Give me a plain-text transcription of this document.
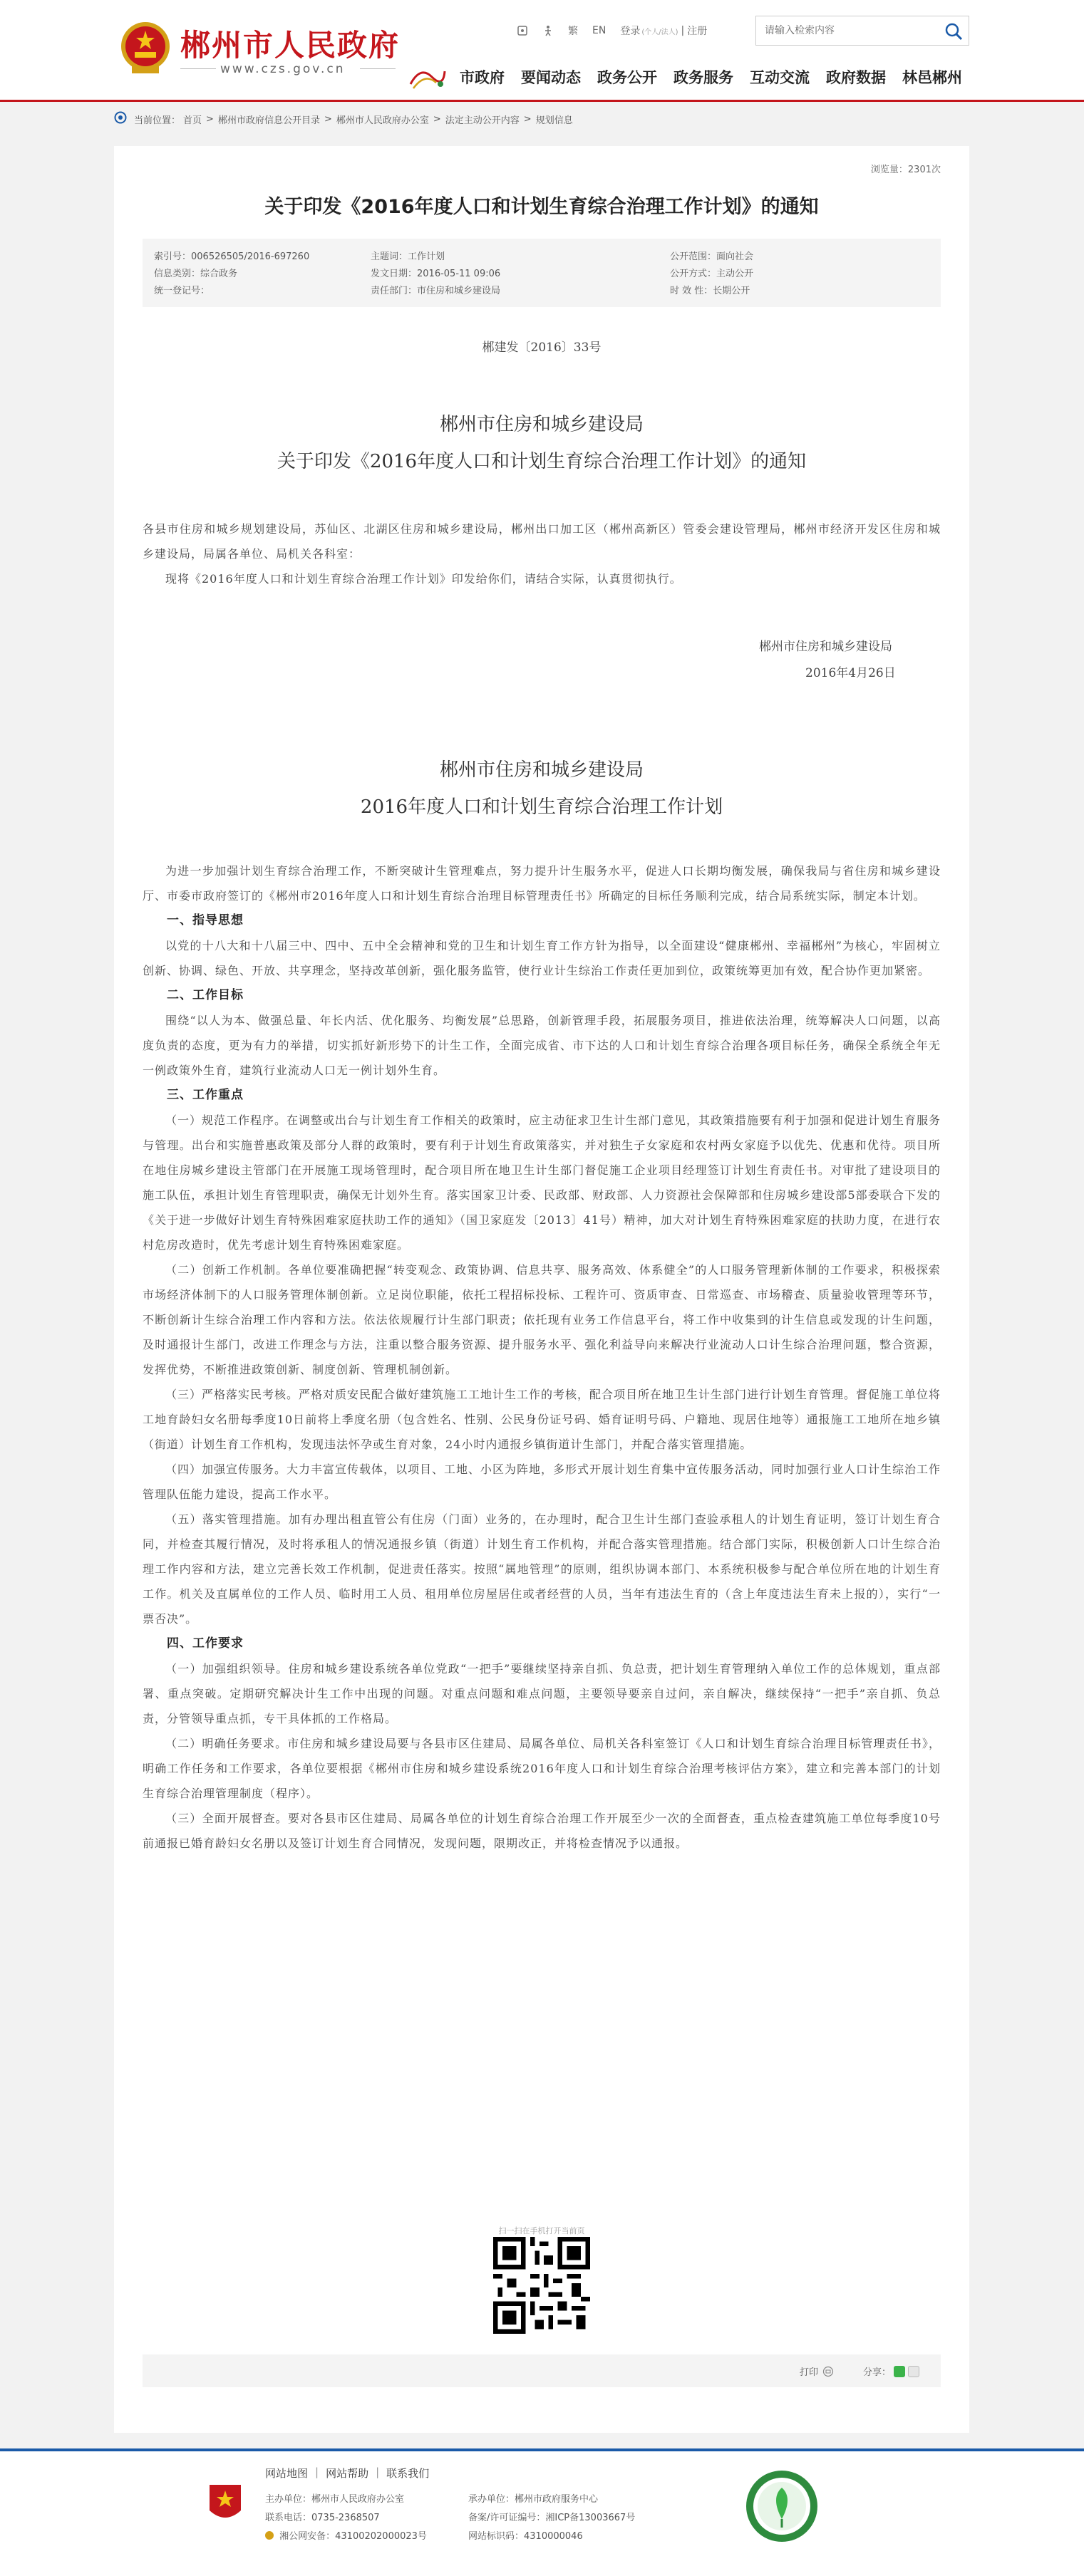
郴州市人民政府
www.czs.gov.cn
繁 EN 登录 (个人/法人) | 注册
请输入检索内容
市政府 要闻动态 政务公开 政务服务 互动交流 政府数据 林邑郴州
当前位置： 首页 > 郴州市政府信息公开目录 > 郴州市人民政府办公室 > 法定主动公开内容 > 规划信息
浏览量：2301次
关于印发《2016年度人口和计划生育综合治理工作计划》的通知
索引号：006526505/2016-697260	主题词：工作计划	公开范围：面向社会
信息类别：综合政务	发文日期：2016-05-11 09:06	公开方式：主动公开
统一登记号：	责任部门：市住房和城乡建设局	时 效 性：长期公开
郴建发〔2016〕33号
郴州市住房和城乡建设局
关于印发《2016年度人口和计划生育综合治理工作计划》的通知
各县市住房和城乡规划建设局，苏仙区、北湖区住房和城乡建设局，郴州出口加工区（郴州高新区）管委会建设管理局，郴州市经济开发区住房和城乡建设局，局属各单位、局机关各科室：
现将《2016年度人口和计划生育综合治理工作计划》印发给你们，请结合实际，认真贯彻执行。
郴州市住房和城乡建设局
2016年4月26日
郴州市住房和城乡建设局
2016年度人口和计划生育综合治理工作计划

为进一步加强计划生育综合治理工作，不断突破计生管理难点，努力提升计生服务水平，促进人口长期均衡发展，确保我局与省住房和城乡建设厅、市委市政府签订的《郴州市2016年度人口和计划生育综合治理目标管理责任书》所确定的目标任务顺利完成，结合局系统实际，制定本计划。

一、指导思想

以党的十八大和十八届三中、四中、五中全会精神和党的卫生和计划生育工作方针为指导，以全面建设“健康郴州、幸福郴州”为核心，牢固树立创新、协调、绿色、开放、共享理念，坚持改革创新，强化服务监管，使行业计生综治工作责任更加到位，政策统筹更加有效，配合协作更加紧密。

二、工作目标

围绕“以人为本、做强总量、年长内活、优化服务、均衡发展”总思路，创新管理手段，拓展服务项目，推进依法治理，统筹解决人口问题，以高度负责的态度，更为有力的举措，切实抓好新形势下的计生工作，全面完成省、市下达的人口和计划生育综合治理各项目标任务，确保全系统全年无一例政策外生育，建筑行业流动人口无一例计划外生育。

三、工作重点

（一）规范工作程序。在调整或出台与计划生育工作相关的政策时，应主动征求卫生计生部门意见，其政策措施要有利于加强和促进计划生育服务与管理。出台和实施普惠政策及部分人群的政策时，要有利于计划生育政策落实，并对独生子女家庭和农村两女家庭予以优先、优惠和优待。项目所在地住房城乡建设主管部门在开展施工现场管理时，配合项目所在地卫生计生部门督促施工企业项目经理签订计划生育责任书。对审批了建设项目的施工队伍，承担计划生育管理职责，确保无计划外生育。落实国家卫计委、民政部、财政部、人力资源社会保障部和住房城乡建设部5部委联合下发的《关于进一步做好计划生育特殊困难家庭扶助工作的通知》（国卫家庭发〔2013〕41号）精神，加大对计划生育特殊困难家庭的扶助力度，在进行农村危房改造时，优先考虑计划生育特殊困难家庭。

（二）创新工作机制。各单位要准确把握“转变观念、政策协调、信息共享、服务高效、体系健全”的人口服务管理新体制的工作要求，积极探索市场经济体制下的人口服务管理体制创新。立足岗位职能，依托工程招标投标、工程许可、资质审查、日常巡查、市场稽查、质量验收管理等环节，不断创新计生综合治理工作内容和方法。依法依规履行计生部门职责；依托现有业务工作信息平台，将工作中收集到的计生信息或发现的计生问题，及时通报计生部门，改进工作理念与方法，注重以整合服务资源、提升服务水平、强化利益导向来解决行业流动人口计生综合治理问题，整合资源，发挥优势，不断推进政策创新、制度创新、管理机制创新。

（三）严格落实民考核。严格对质安民配合做好建筑施工工地计生工作的考核，配合项目所在地卫生计生部门进行计划生育管理。督促施工单位将工地育龄妇女名册每季度10日前将上季度名册（包含姓名、性别、公民身份证号码、婚育证明号码、户籍地、现居住地等）通报施工工地所在地乡镇（街道）计划生育工作机构，发现违法怀孕或生育对象，24小时内通报乡镇街道计生部门，并配合落实管理措施。

（四）加强宣传服务。大力丰富宣传载体，以项目、工地、小区为阵地，多形式开展计划生育集中宣传服务活动，同时加强行业人口计生综治工作管理队伍能力建设，提高工作水平。

（五）落实管理措施。加有办理出租直管公有住房（门面）业务的，在办理时，配合卫生计生部门查验承租人的计划生育证明，签订计划生育合同，并检查其履行情况，及时将承租人的情况通报乡镇（街道）计划生育工作机构，并配合落实管理措施。结合部门实际，积极创新人口计生综合治理工作内容和方法，建立完善长效工作机制，促进责任落实。按照“属地管理”的原则，组织协调本部门、本系统积极参与配合单位所在地的计划生育工作。机关及直属单位的工作人员、临时用工人员、租用单位房屋居住或者经营的人员，当年有违法生育的（含上年度违法生育未上报的），实行“一票否决”。

四、工作要求

（一）加强组织领导。住房和城乡建设系统各单位党政“一把手”要继续坚持亲自抓、负总责，把计划生育管理纳入单位工作的总体规划，重点部署、重点突破。定期研究解决计生工作中出现的问题。对重点问题和难点问题，主要领导要亲自过问，亲自解决，继续保持“一把手”亲自抓、负总责，分管领导重点抓，专干具体抓的工作格局。

（二）明确任务要求。市住房和城乡建设局要与各县市区住建局、局属各单位、局机关各科室签订《人口和计划生育综合治理目标管理责任书》，明确工作任务和工作要求，各单位要根据《郴州市住房和城乡建设系统2016年度人口和计划生育综合治理考核评估方案》，建立和完善本部门的计划生育综合治理管理制度（程序）。

（三）全面开展督查。要对各县市区住建局、局属各单位的计划生育综合治理工作开展至少一次的全面督查，重点检查建筑施工单位每季度10号前通报已婚育龄妇女名册以及签订计划生育合同情况，发现问题，限期改正，并将检查情况予以通报。

扫一扫在手机打开当前页
打印	分享：
网站地图 | 网站帮助 | 联系我们
主办单位：郴州市人民政府办公室	承办单位：郴州市政府服务中心
联系电话：0735-2368507	备案/许可证编号：湘ICP备13003667号
湘公网安备：43100202000023号	网站标识码：4310000046
